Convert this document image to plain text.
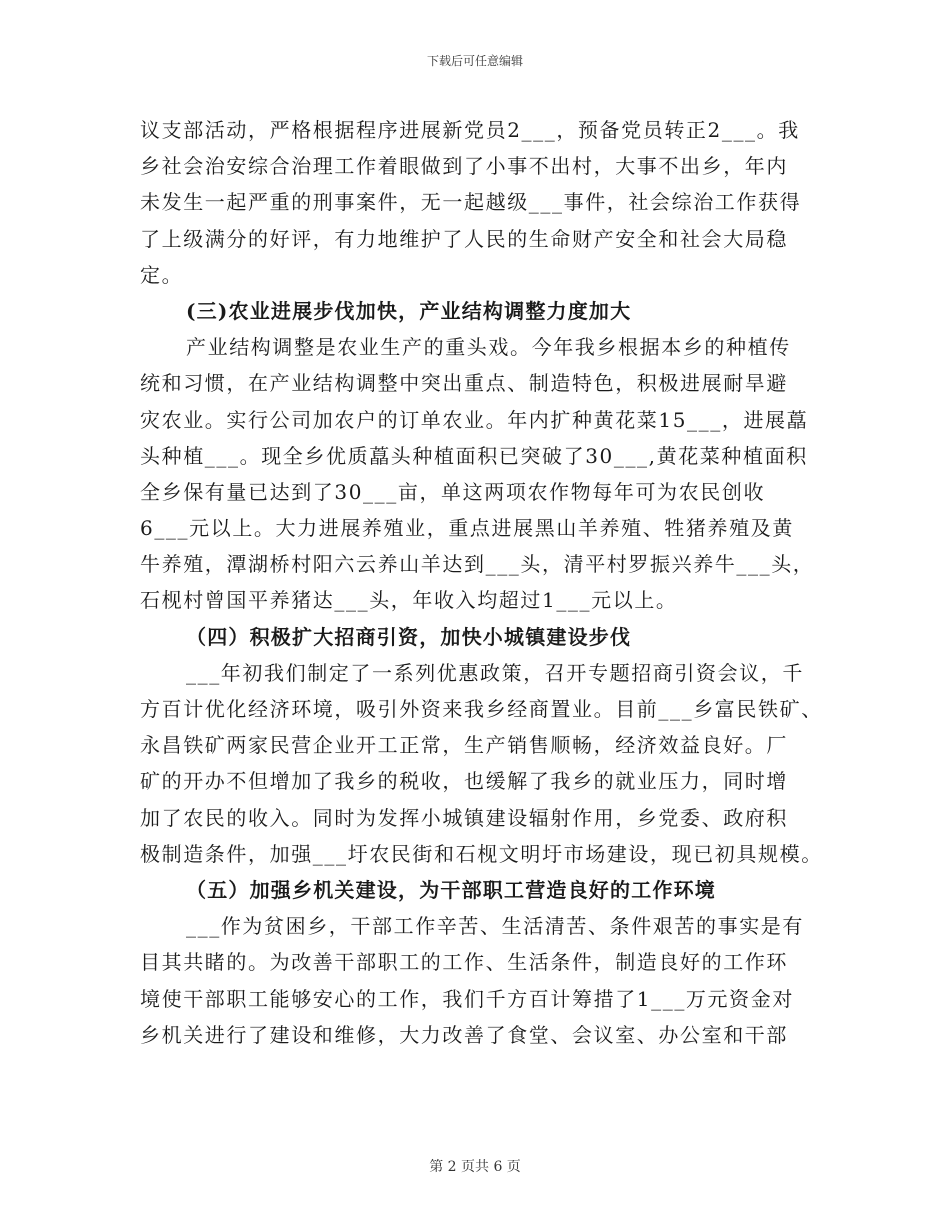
下载后可任意编辑
议支部活动，严格根据程序进展新党员2___，预备党员转正2___。我
乡社会治安综合治理工作着眼做到了小事不出村，大事不出乡，年内
未发生一起严重的刑事案件，无一起越级___事件，社会综治工作获得
了上级满分的好评，有力地维护了人民的生命财产安全和社会大局稳
定。
(三)农业进展步伐加快，产业结构调整力度加大
产业结构调整是农业生产的重头戏。今年我乡根据本乡的种植传
统和习惯，在产业结构调整中突出重点、制造特色，积极进展耐旱避
灾农业。实行公司加农户的订单农业。年内扩种黄花菜15___，进展藠
头种植___。现全乡优质藠头种植面积已突破了30___,黄花菜种植面积
全乡保有量已达到了30___亩，单这两项农作物每年可为农民创收
6___元以上。大力进展养殖业，重点进展黑山羊养殖、牲猪养殖及黄
牛养殖，潭湖桥村阳六云养山羊达到___头，清平村罗振兴养牛___头，
石枧村曾国平养猪达___头，年收入均超过1___元以上。
（四）积极扩大招商引资，加快小城镇建设步伐
___年初我们制定了一系列优惠政策，召开专题招商引资会议，千
方百计优化经济环境，吸引外资来我乡经商置业。目前___乡富民铁矿、
永昌铁矿两家民营企业开工正常，生产销售顺畅，经济效益良好。厂
矿的开办不但增加了我乡的税收，也缓解了我乡的就业压力，同时增
加了农民的收入。同时为发挥小城镇建设辐射作用，乡党委、政府积
极制造条件，加强___圩农民街和石枧文明圩市场建设，现已初具规模。
（五）加强乡机关建设，为干部职工营造良好的工作环境
___作为贫困乡，干部工作辛苦、生活清苦、条件艰苦的事实是有
目其共睹的。为改善干部职工的工作、生活条件，制造良好的工作环
境使干部职工能够安心的工作，我们千方百计筹措了1___万元资金对
乡机关进行了建设和维修，大力改善了食堂、会议室、办公室和干部
第 2 页共 6 页
